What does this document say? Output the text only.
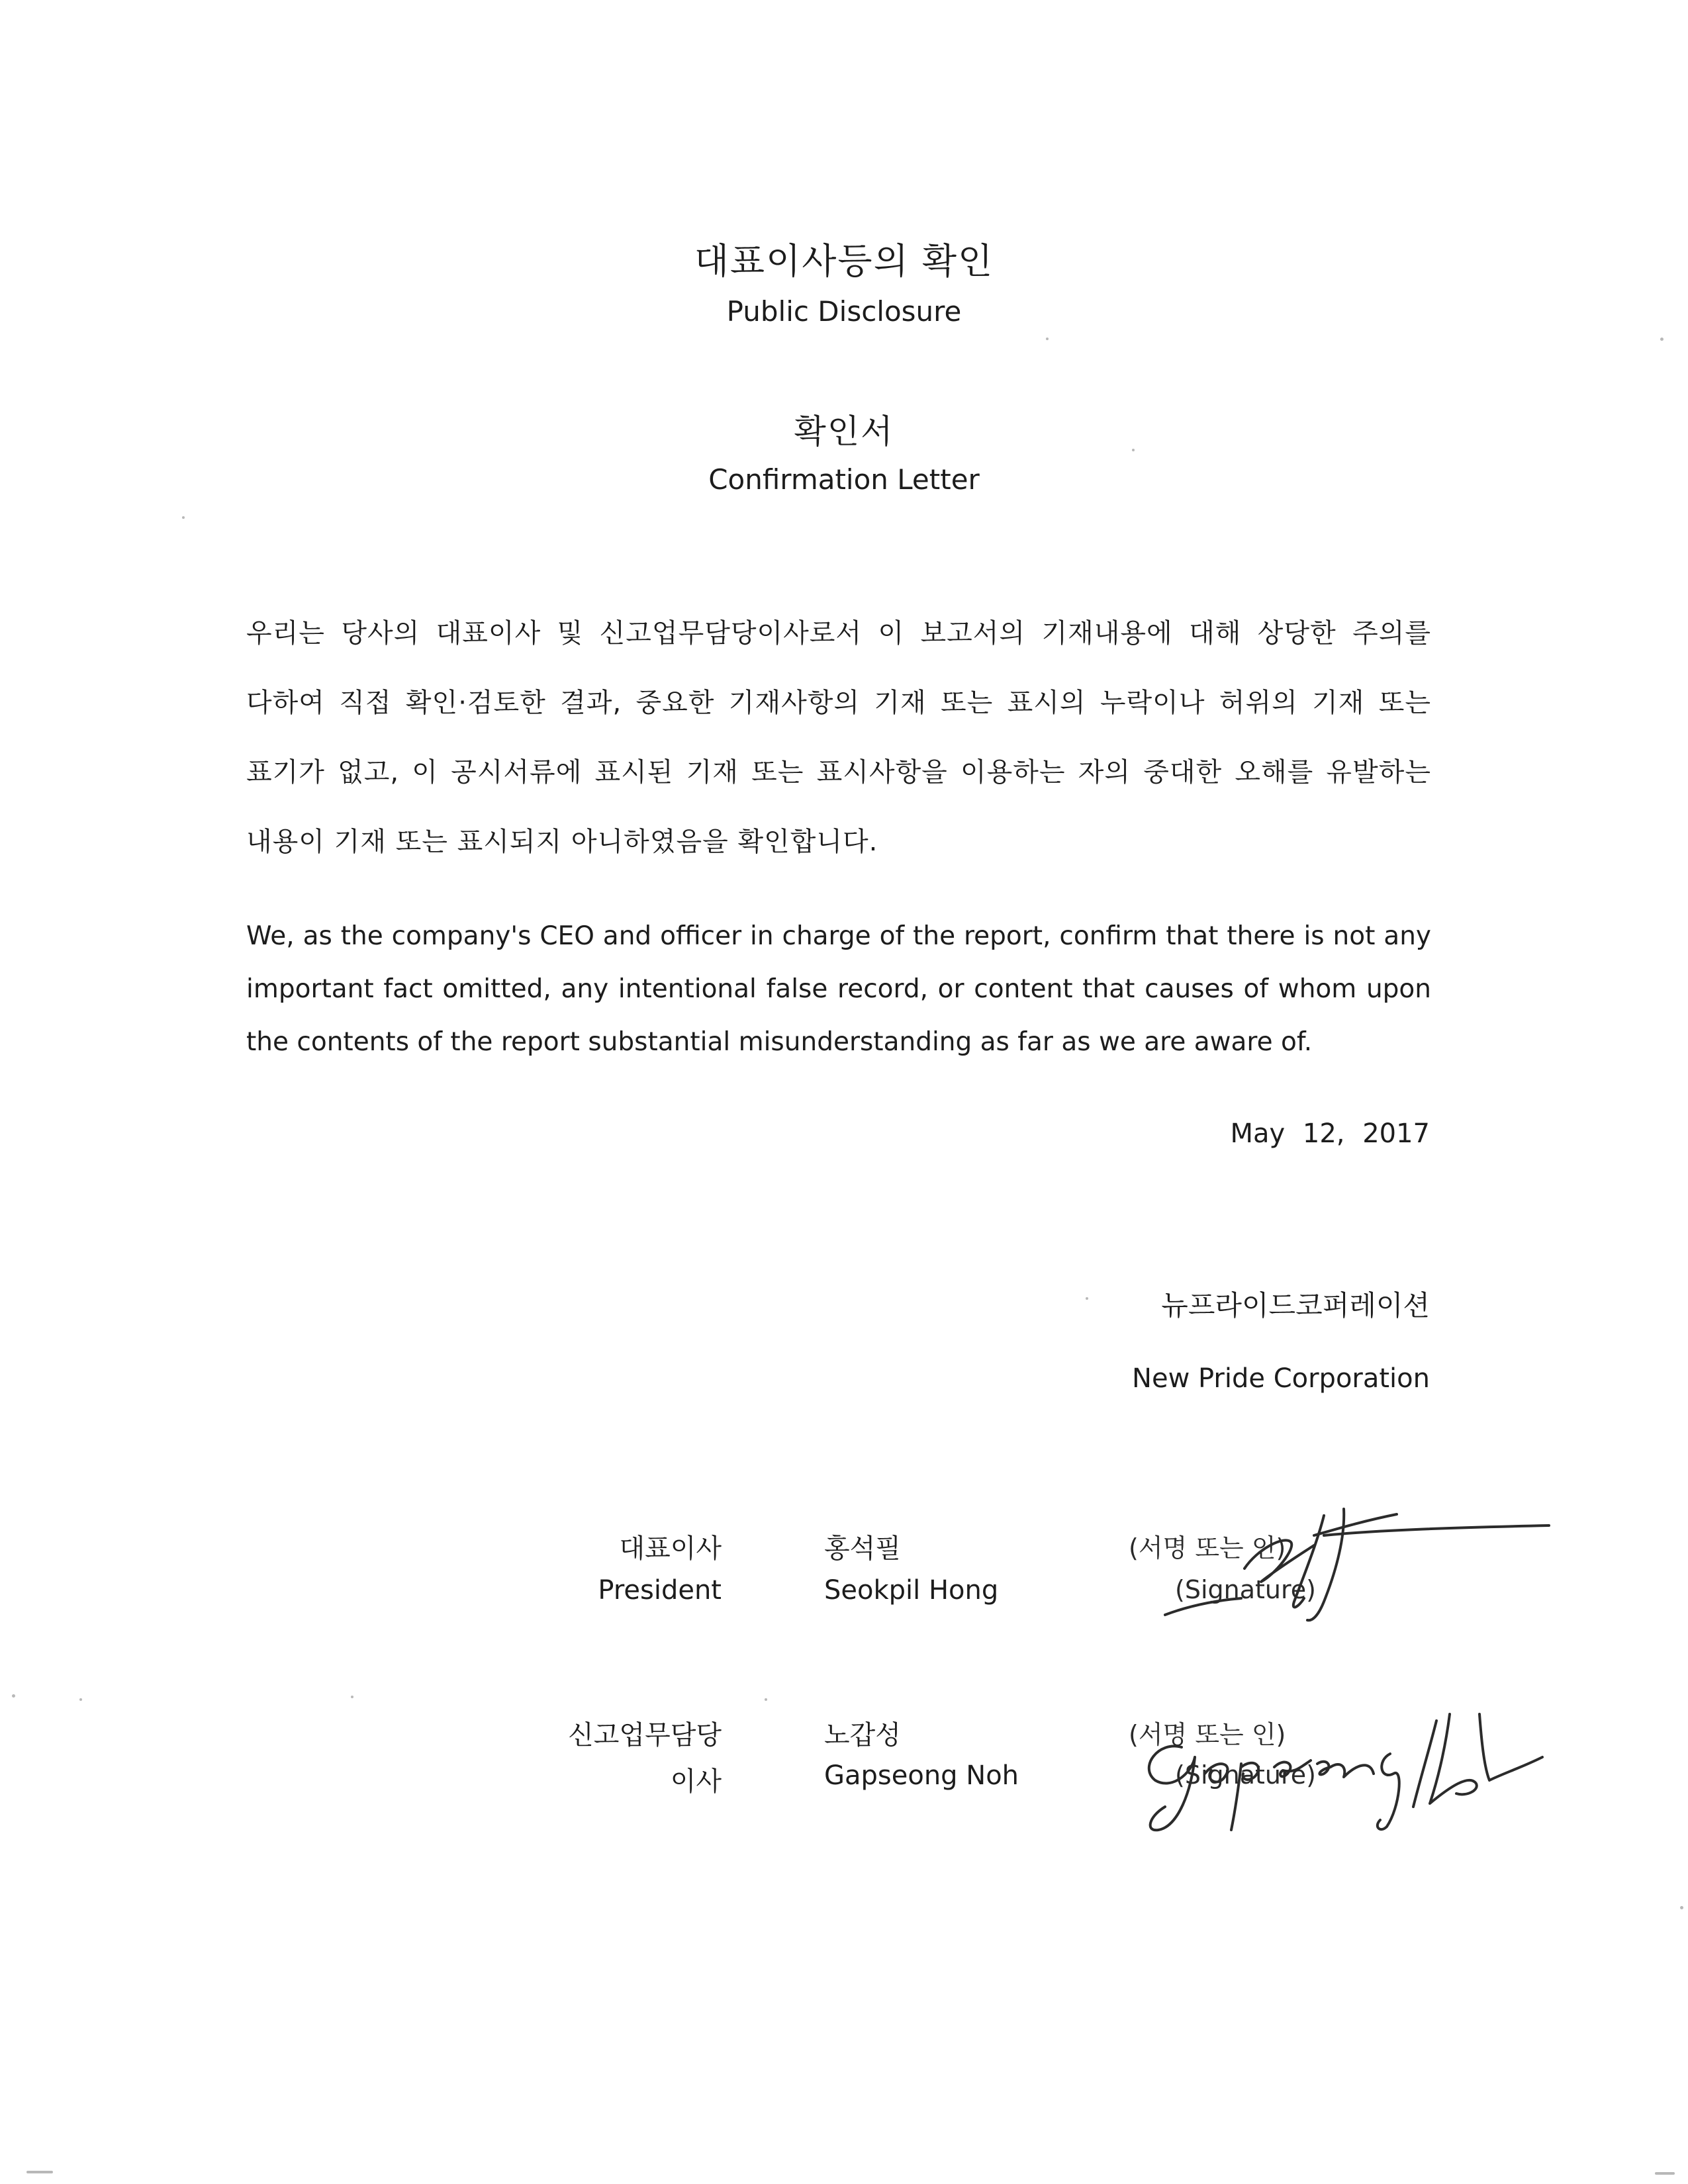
대표이사등의 확인
Public Disclosure
확인서
Confirmation Letter

우리는 당사의 대표이사 및 신고업무담당이사로서 이 보고서의 기재내용에 대해 상당한 주의를 다하여 직접 확인·검토한 결과, 중요한 기재사항의 기재 또는 표시의 누락이나 허위의 기재 또는 표기가 없고, 이 공시서류에 표시된 기재 또는 표시사항을 이용하는 자의 중대한 오해를 유발하는 내용이 기재 또는 표시되지 아니하였음을 확인합니다.

We, as the company's CEO and officer in charge of the report, confirm that there is not any important fact omitted, any intentional false record, or content that causes of whom upon the contents of the report substantial misunderstanding as far as we are aware of.

May 12, 2017
뉴프라이드코퍼레이션
New Pride Corporation
대표이사
President
홍석필
Seokpil Hong
(서명 또는 인)
(Signature)
신고업무담당
이사
노갑성
Gapseong Noh
(서명 또는 인)
(Signature)
